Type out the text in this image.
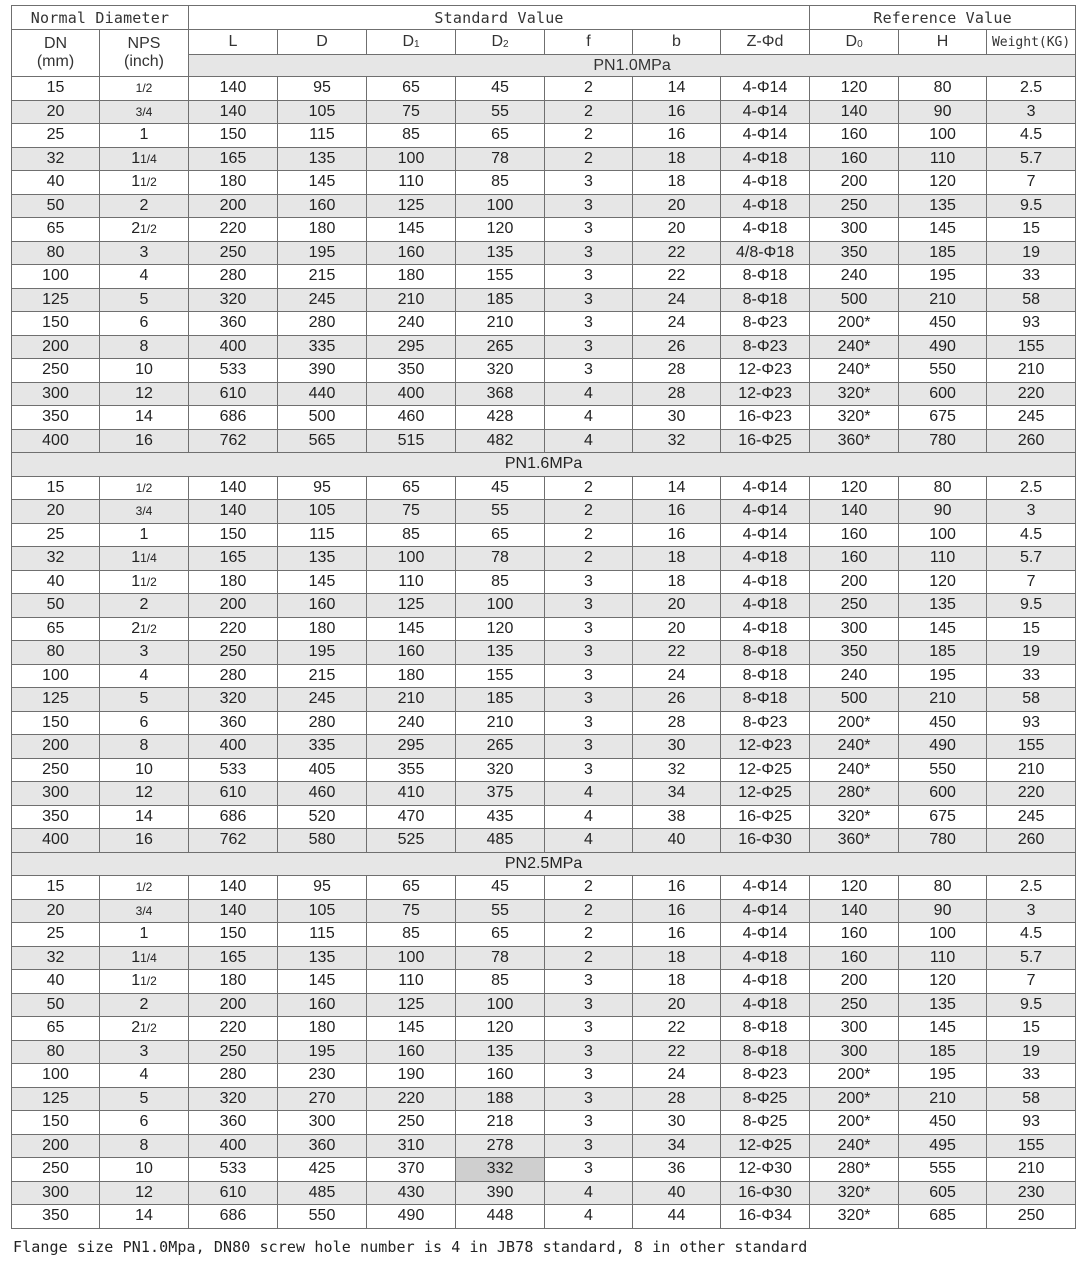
Normal Diameter		Standard Value							Reference Value		
DN
(mm)	NPS
(inch)	L	D	$D_1$	$D_2$	f	b	Z-Φd	$D_0$	H	Weight(KG)
		PN1.0MPa									
15	1/2	140	95	65	45	2	14	4-Φ14	120	80	2.5
20	3/4	140	105	75	55	2	16	4-Φ14	140	90	3
25	1	150	115	85	65	2	16	4-Φ14	160	100	4.5
32	11/4	165	135	100	78	2	18	4-Φ18	160	110	5.7
40	11/2	180	145	110	85	3	18	4-Φ18	200	120	7
50	2	200	160	125	100	3	20	4-Φ18	250	135	9.5
65	21/2	220	180	145	120	3	20	4-Φ18	300	145	15
80	3	250	195	160	135	3	22	4/8-Φ18	350	185	19
100	4	280	215	180	155	3	22	8-Φ18	240	195	33
125	5	320	245	210	185	3	24	8-Φ18	500	210	58
150	6	360	280	240	210	3	24	8-Φ23	200*	450	93
200	8	400	335	295	265	3	26	8-Φ23	240*	490	155
250	10	533	390	350	320	3	28	12-Φ23	240*	550	210
300	12	610	440	400	368	4	28	12-Φ23	320*	600	220
350	14	686	500	460	428	4	30	16-Φ23	320*	675	245
400	16	762	565	515	482	4	32	16-Φ25	360*	780	260
PN1.6MPa											
15	1/2	140	95	65	45	2	14	4-Φ14	120	80	2.5
20	3/4	140	105	75	55	2	16	4-Φ14	140	90	3
25	1	150	115	85	65	2	16	4-Φ14	160	100	4.5
32	11/4	165	135	100	78	2	18	4-Φ18	160	110	5.7
40	11/2	180	145	110	85	3	18	4-Φ18	200	120	7
50	2	200	160	125	100	3	20	4-Φ18	250	135	9.5
65	21/2	220	180	145	120	3	20	4-Φ18	300	145	15
80	3	250	195	160	135	3	22	8-Φ18	350	185	19
100	4	280	215	180	155	3	24	8-Φ18	240	195	33
125	5	320	245	210	185	3	26	8-Φ18	500	210	58
150	6	360	280	240	210	3	28	8-Φ23	200*	450	93
200	8	400	335	295	265	3	30	12-Φ23	240*	490	155
250	10	533	405	355	320	3	32	12-Φ25	240*	550	210
300	12	610	460	410	375	4	34	12-Φ25	280*	600	220
350	14	686	520	470	435	4	38	16-Φ25	320*	675	245
400	16	762	580	525	485	4	40	16-Φ30	360*	780	260
PN2.5MPa											
15	1/2	140	95	65	45	2	16	4-Φ14	120	80	2.5
20	3/4	140	105	75	55	2	16	4-Φ14	140	90	3
25	1	150	115	85	65	2	16	4-Φ14	160	100	4.5
32	11/4	165	135	100	78	2	18	4-Φ18	160	110	5.7
40	11/2	180	145	110	85	3	18	4-Φ18	200	120	7
50	2	200	160	125	100	3	20	4-Φ18	250	135	9.5
65	21/2	220	180	145	120	3	22	8-Φ18	300	145	15
80	3	250	195	160	135	3	22	8-Φ18	300	185	19
100	4	280	230	190	160	3	24	8-Φ23	200*	195	33
125	5	320	270	220	188	3	28	8-Φ25	200*	210	58
150	6	360	300	250	218	3	30	8-Φ25	200*	450	93
200	8	400	360	310	278	3	34	12-Φ25	240*	495	155
250	10	533	425	370	332	3	36	12-Φ30	280*	555	210
300	12	610	485	430	390	4	40	16-Φ30	320*	605	230
350	14	686	550	490	448	4	44	16-Φ34	320*	685	250
Flange size PN1.0Mpa, DN80 screw hole number is 4 in JB78 standard, 8 in other standard
